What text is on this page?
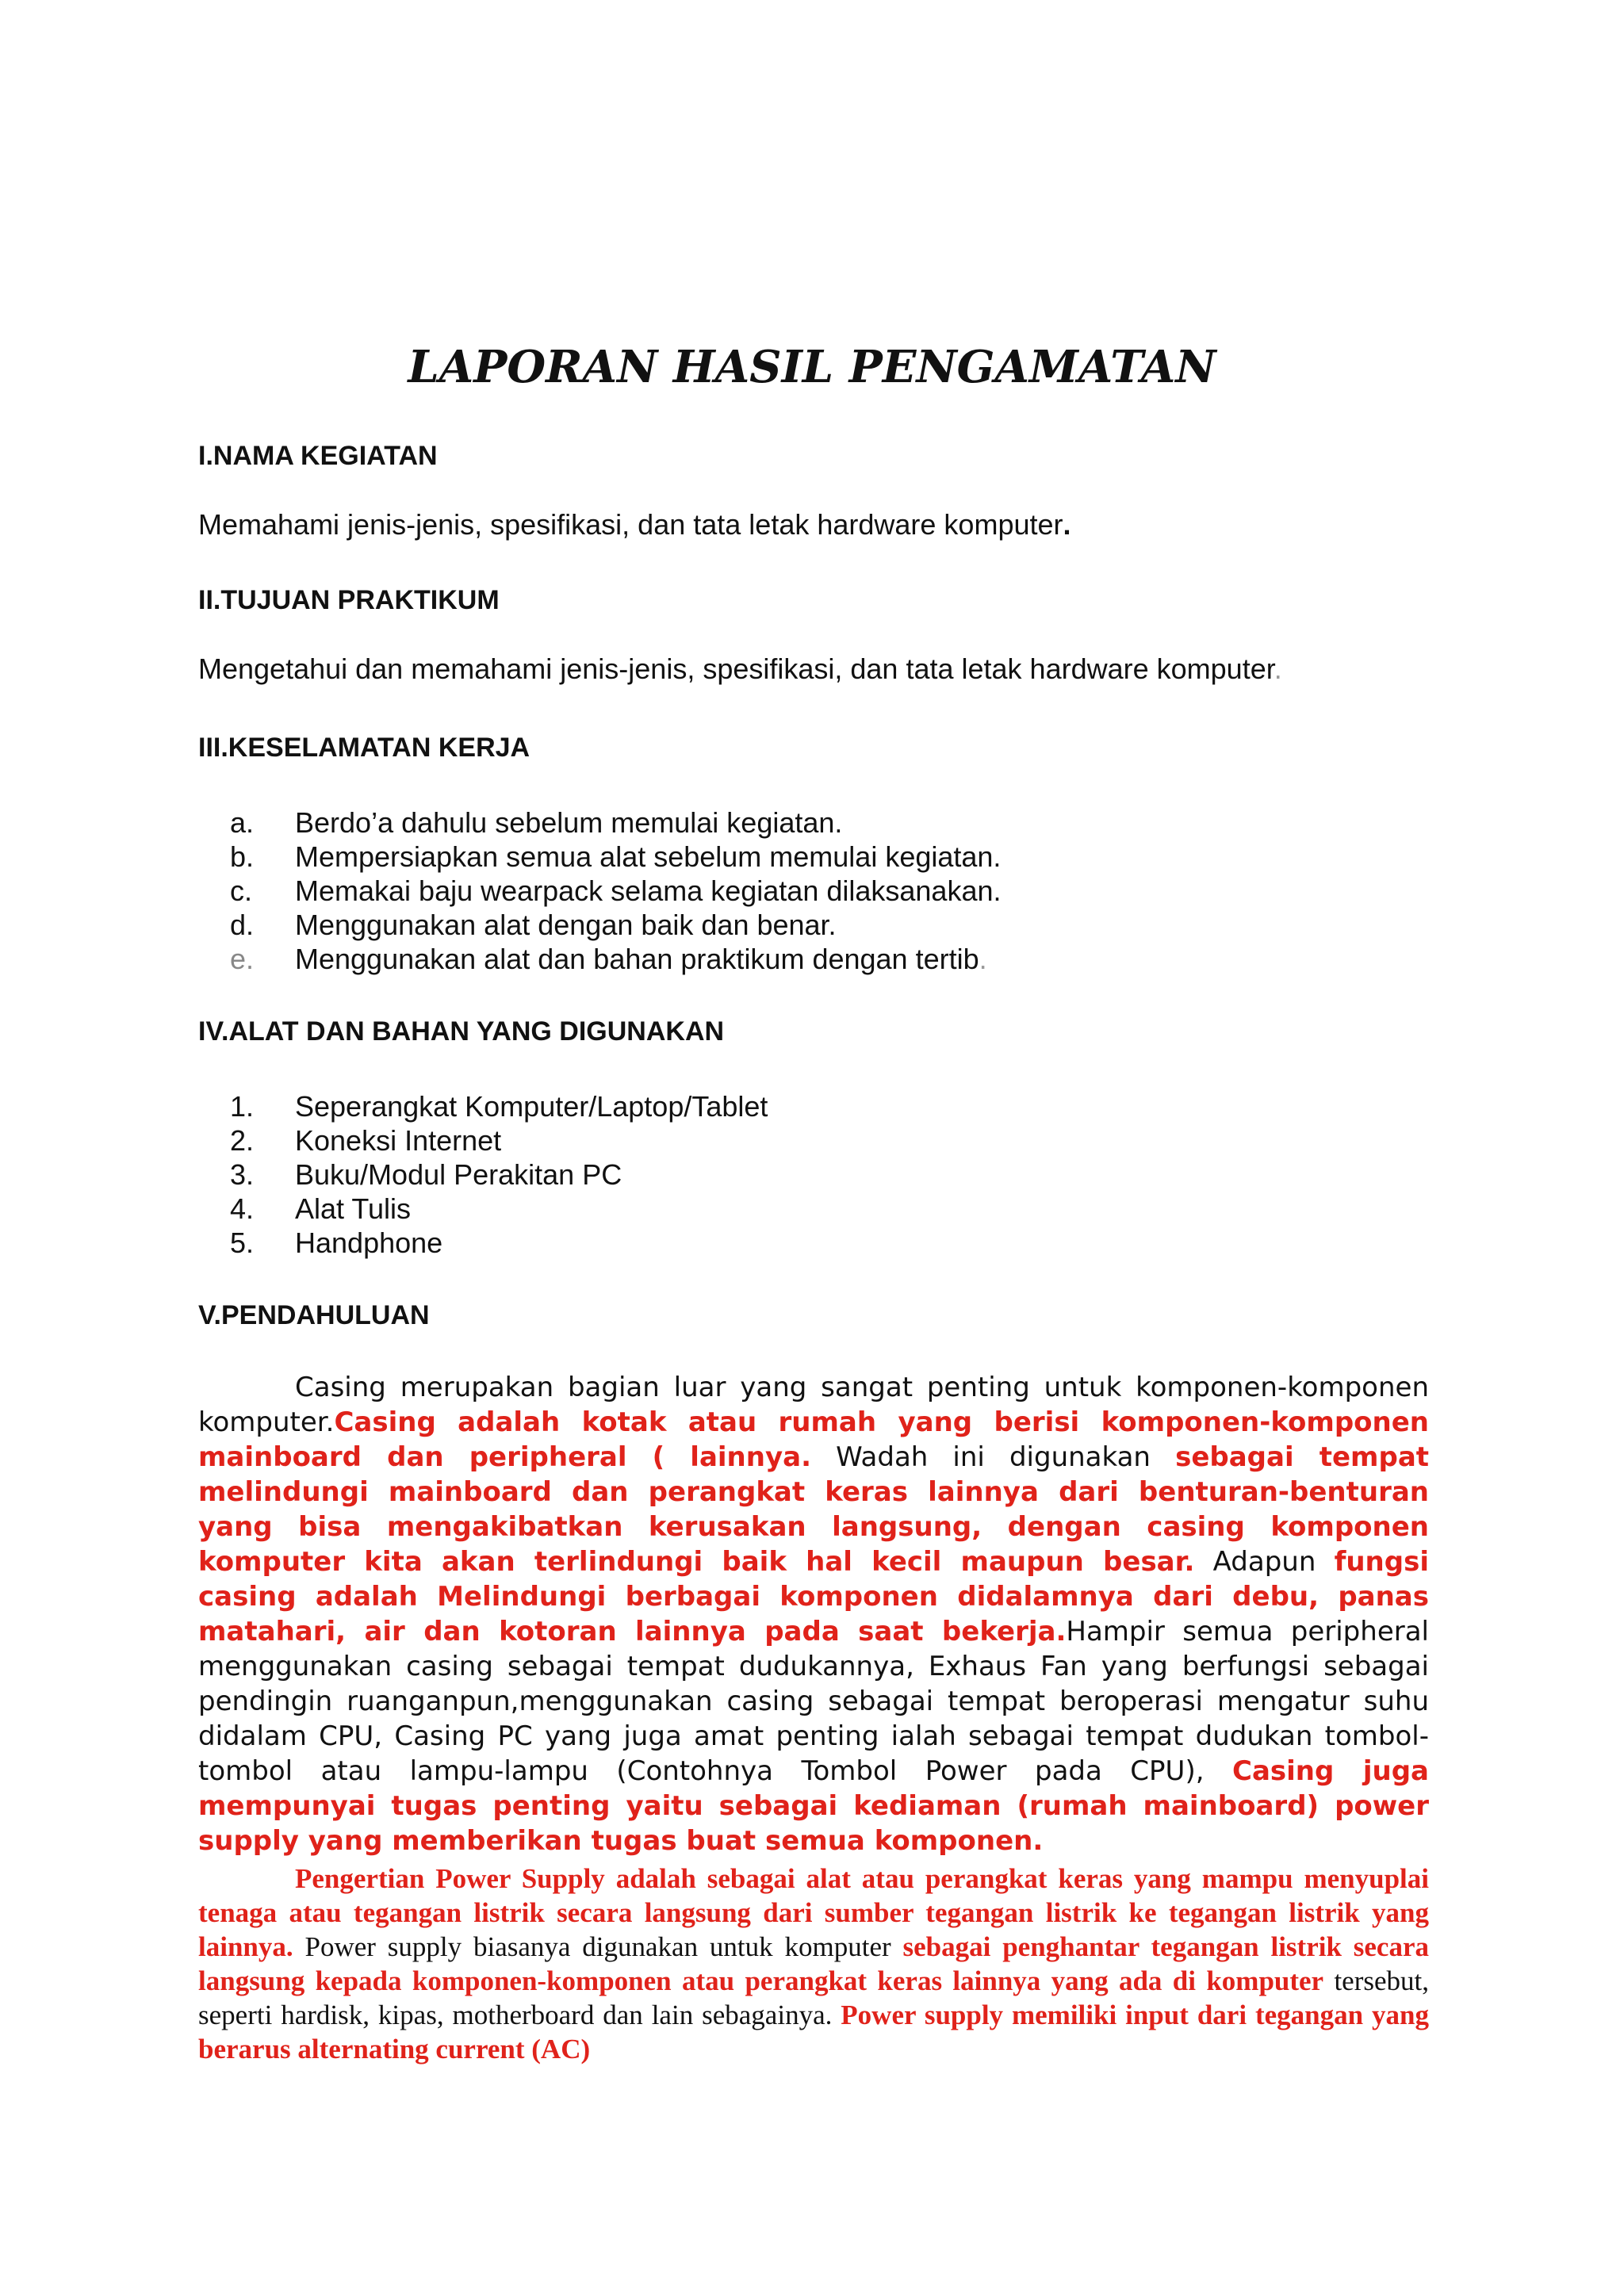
LAPORAN HASIL PENGAMATAN

I.NAMA KEGIATAN

Memahami jenis-jenis, spesifikasi, dan tata letak hardware komputer.

II.TUJUAN PRAKTIKUM

Mengetahui dan memahami jenis-jenis, spesifikasi, dan tata letak hardware komputer.

III.KESELAMATAN KERJA

a.	Berdo’a dahulu sebelum memulai kegiatan.
b.	Mempersiapkan semua alat sebelum memulai kegiatan.
c.	Memakai baju wearpack selama kegiatan dilaksanakan.
d.	Menggunakan alat dengan baik dan benar.
e.	Menggunakan alat dan bahan praktikum dengan tertib .

IV.ALAT DAN BAHAN YANG DIGUNAKAN

1.	Seperangkat Komputer/Laptop/Tablet
2.	Koneksi Internet
3.	Buku/Modul Perakitan PC
4.	Alat Tulis
5.	Handphone

V.PENDAHULUAN

Casing merupakan bagian luar yang sangat penting untuk komponen-komponen komputer.Casing adalah kotak atau rumah yang berisi komponen-komponen mainboard dan peripheral ( lainnya. Wadah ini digunakan sebagai tempat melindungi mainboard dan perangkat keras lainnya dari benturan-benturan yang bisa mengakibatkan kerusakan langsung, dengan casing komponen komputer kita akan terlindungi baik hal kecil maupun besar. Adapun fungsi casing adalah Melindungi berbagai komponen didalamnya dari debu, panas matahari, air dan kotoran lainnya pada saat bekerja.Hampir semua peripheral menggunakan casing sebagai tempat dudukannya, Exhaus Fan yang berfungsi sebagai pendingin ruanganpun,menggunakan casing sebagai tempat beroperasi mengatur suhu didalam CPU, Casing PC yang juga amat penting ialah sebagai tempat dudukan tombol-tombol atau lampu-lampu (Contohnya Tombol Power pada CPU), Casing juga mempunyai tugas penting yaitu sebagai kediaman (rumah mainboard) power supply yang memberikan tugas buat semua komponen.

Pengertian Power Supply adalah sebagai alat atau perangkat keras yang mampu menyuplai tenaga atau tegangan listrik secara langsung dari sumber tegangan listrik ke tegangan listrik yang lainnya. Power supply biasanya digunakan untuk komputer sebagai penghantar tegangan listrik secara langsung kepada komponen-komponen atau perangkat keras lainnya yang ada di komputer tersebut, seperti hardisk, kipas, motherboard dan lain sebagainya. Power supply memiliki input dari tegangan yang berarus alternating current (AC)
